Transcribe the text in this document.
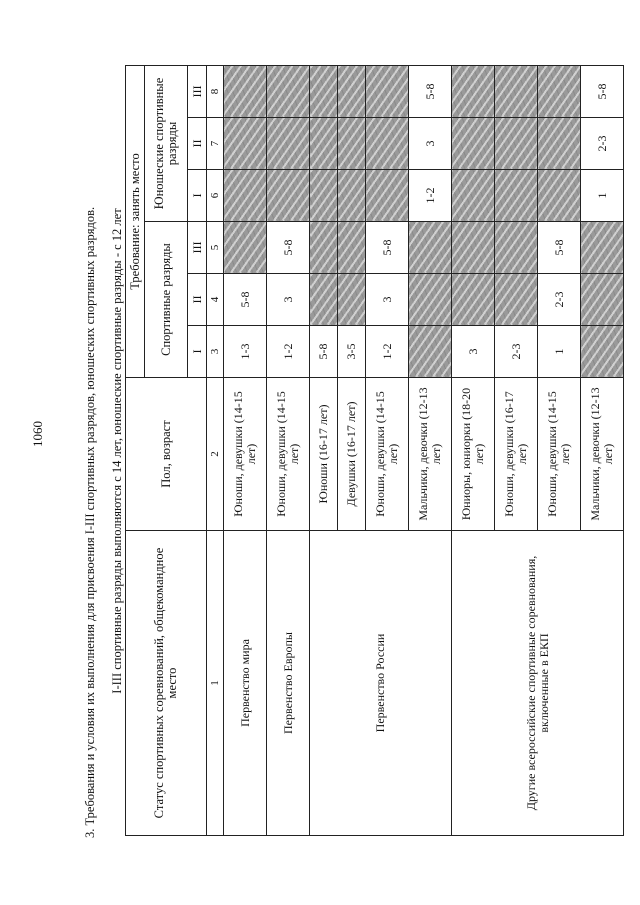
1060	3. Требования и условия их выполнения для присвоения I-III спортивных разрядов, юношеских спортивных разрядов. I-III спортивные разряды выполняются с 14 лет, юношеские спортивные разряды - с 12 лет Статус спортивных соревнований, общекомандное место	Пол, возраст	Требование: занять место					
		Спортивные разряды			Юношеские спортивные разряды		
		I	II	III	I	II	III
1	2	3	4	5	6	7	8
Первенство мира	Юноши, девушки (14-15 лет)	1-3	5-8				
Первенство Европы	Юноши, девушки (14-15 лет)	1-2	3	5-8			
Первенство России	Юноши (16-17 лет)	5-8					
	Девушки (16-17 лет)	3-5					
	Юноши, девушки (14-15 лет)	1-2	3	5-8			
	Мальчики, девочки (12-13 лет)				1-2	3	5-8
Другие всероссийские спортивные соревнования, включенные в ЕКП	Юниоры, юниорки (18-20 лет)	3					
	Юноши, девушки (16-17 лет)	2-3					
	Юноши, девушки (14-15 лет)	1	2-3	5-8			
	Мальчики, девочки (12-13 лет)				1	2-3	5-8
